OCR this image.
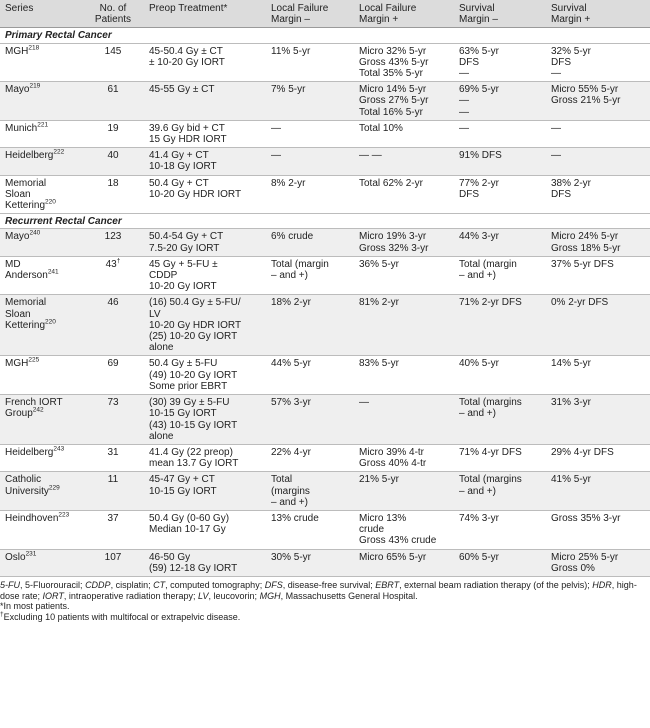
Series	No. of
Patients	Preop Treatment*	Local Failure
Margin –	Local Failure
Margin +	Survival
Margin –	Survival
Margin +
Primary Rectal Cancer						
MGH$^{218}$	145	45-50.4 Gy ± CT
± 10-20 Gy IORT	11% 5-yr	Micro 32% 5-yr
Gross 43% 5-yr
Total 35% 5-yr	63% 5-yr
DFS
—	32% 5-yr
DFS
—
Mayo$^{219}$	61	45-55 Gy ± CT	7% 5-yr	Micro 14% 5-yr
Gross 27% 5-yr
Total 16% 5-yr	69% 5-yr
—
—	Micro 55% 5-yr
Gross 21% 5-yr
Munich$^{221}$	19	39.6 Gy bid + CT
15 Gy HDR IORT	—	Total 10%	—	—
Heidelberg$^{222}$	40	41.4 Gy + CT
10-18 Gy IORT	—	— —	91% DFS	—
Memorial
Sloan
Kettering$^{220}$	18	50.4 Gy + CT
10-20 Gy HDR IORT	8% 2-yr	Total 62% 2-yr	77% 2-yr
DFS	38% 2-yr
DFS
Recurrent Rectal Cancer						
Mayo$^{240}$	123	50.4-54 Gy + CT
7.5-20 Gy IORT	6% crude	Micro 19% 3-yr
Gross 32% 3-yr	44% 3-yr	Micro 24% 5-yr
Gross 18% 5-yr
MD
Anderson$^{241}$	43†	45 Gy + 5-FU ±
CDDP
10-20 Gy IORT	Total (margin
– and +)	36% 5-yr	Total (margin
– and +)	37% 5-yr DFS
Memorial
Sloan
Kettering$^{220}$	46	(16) 50.4 Gy ± 5-FU/
LV
10-20 Gy HDR IORT
(25) 10-20 Gy IORT
alone	18% 2-yr	81% 2-yr	71% 2-yr DFS	0% 2-yr DFS
MGH$^{225}$	69	50.4 Gy ± 5-FU
(49) 10-20 Gy IORT
Some prior EBRT	44% 5-yr	83% 5-yr	40% 5-yr	14% 5-yr
French IORT
Group$^{242}$	73	(30) 39 Gy ± 5-FU
10-15 Gy IORT
(43) 10-15 Gy IORT
alone	57% 3-yr	—	Total (margins
– and +)	31% 3-yr
Heidelberg$^{243}$	31	41.4 Gy (22 preop)
mean 13.7 Gy IORT	22% 4-yr	Micro 39% 4-tr
Gross 40% 4-tr	71% 4-yr DFS	29% 4-yr DFS
Catholic
University$^{229}$	11	45-47 Gy + CT
10-15 Gy IORT	Total
(margins
– and +)	21% 5-yr	Total (margins
– and +)	41% 5-yr
Heindhoven$^{223}$	37	50.4 Gy (0-60 Gy)
Median 10-17 Gy	13% crude	Micro 13%
crude
Gross 43% crude	74% 3-yr	Gross 35% 3-yr
Oslo$^{231}$	107	46-50 Gy
(59) 12-18 Gy IORT	30% 5-yr	Micro 65% 5-yr	60% 5-yr	Micro 25% 5-yr
Gross 0%

5-FU, 5-Fluorouracil; CDDP, cisplatin; CT, computed tomography; DFS, disease-free survival; EBRT, external beam radiation therapy (of the pelvis); HDR, high-dose rate; IORT, intraoperative radiation therapy; LV, leucovorin; MGH, Massachusetts General Hospital.

*In most patients.

†Excluding 10 patients with multifocal or extrapelvic disease.
